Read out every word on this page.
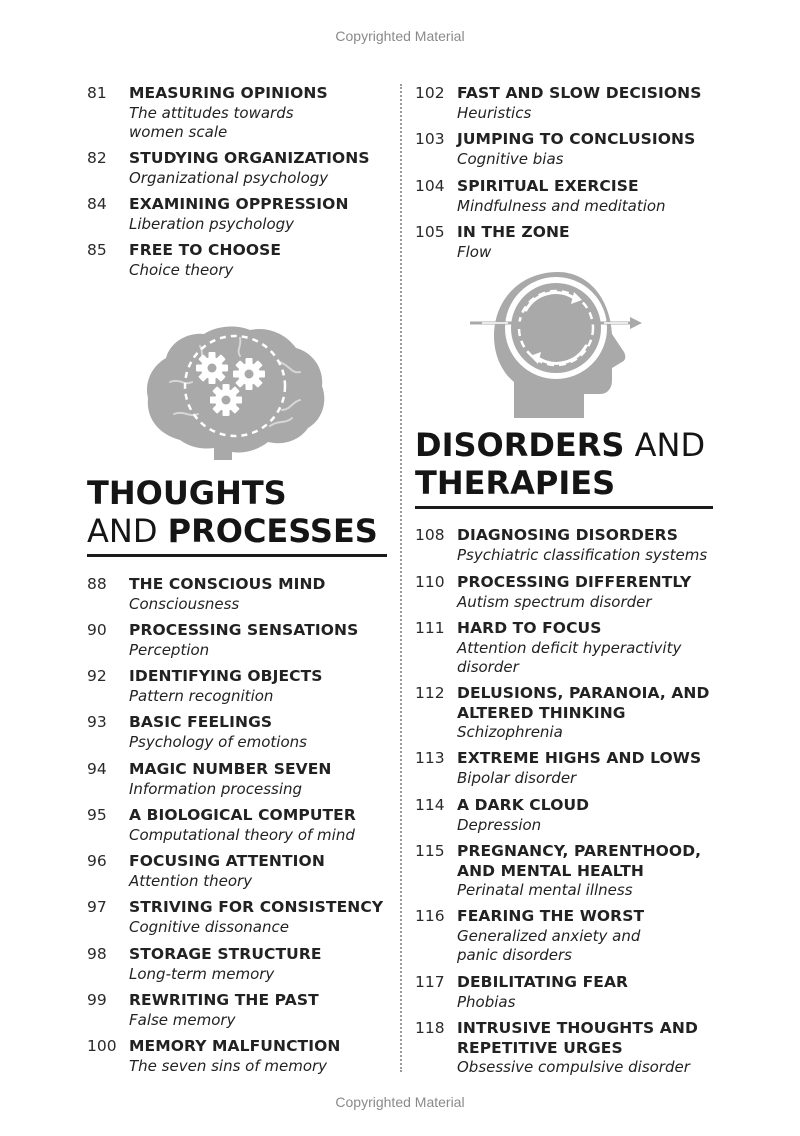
Copyrighted Material
81 MEASURING OPINIONS
The attitudes towards
women scale
82 STUDYING ORGANIZATIONS
Organizational psychology
84 EXAMINING OPPRESSION
Liberation psychology
85 FREE TO CHOOSE
Choice theory
THOUGHTS
AND PROCESSES
88 THE CONSCIOUS MIND
Consciousness
90 PROCESSING SENSATIONS
Perception
92 IDENTIFYING OBJECTS
Pattern recognition
93 BASIC FEELINGS
Psychology of emotions
94 MAGIC NUMBER SEVEN
Information processing
95 A BIOLOGICAL COMPUTER
Computational theory of mind
96 FOCUSING ATTENTION
Attention theory
97 STRIVING FOR CONSISTENCY
Cognitive dissonance
98 STORAGE STRUCTURE
Long-term memory
99 REWRITING THE PAST
False memory
100 MEMORY MALFUNCTION
The seven sins of memory
102 FAST AND SLOW DECISIONS
Heuristics
103 JUMPING TO CONCLUSIONS
Cognitive bias
104 SPIRITUAL EXERCISE
Mindfulness and meditation
105 IN THE ZONE
Flow
DISORDERS AND
THERAPIES
108 DIAGNOSING DISORDERS
Psychiatric classification systems
110 PROCESSING DIFFERENTLY
Autism spectrum disorder
111 HARD TO FOCUS
Attention deficit hyperactivity
disorder
112 DELUSIONS, PARANOIA, AND
ALTERED THINKING
Schizophrenia
113 EXTREME HIGHS AND LOWS
Bipolar disorder
114 A DARK CLOUD
Depression
115 PREGNANCY, PARENTHOOD,
AND MENTAL HEALTH
Perinatal mental illness
116 FEARING THE WORST
Generalized anxiety and
panic disorders
117 DEBILITATING FEAR
Phobias
118 INTRUSIVE THOUGHTS AND
REPETITIVE URGES
Obsessive compulsive disorder
Copyrighted Material
